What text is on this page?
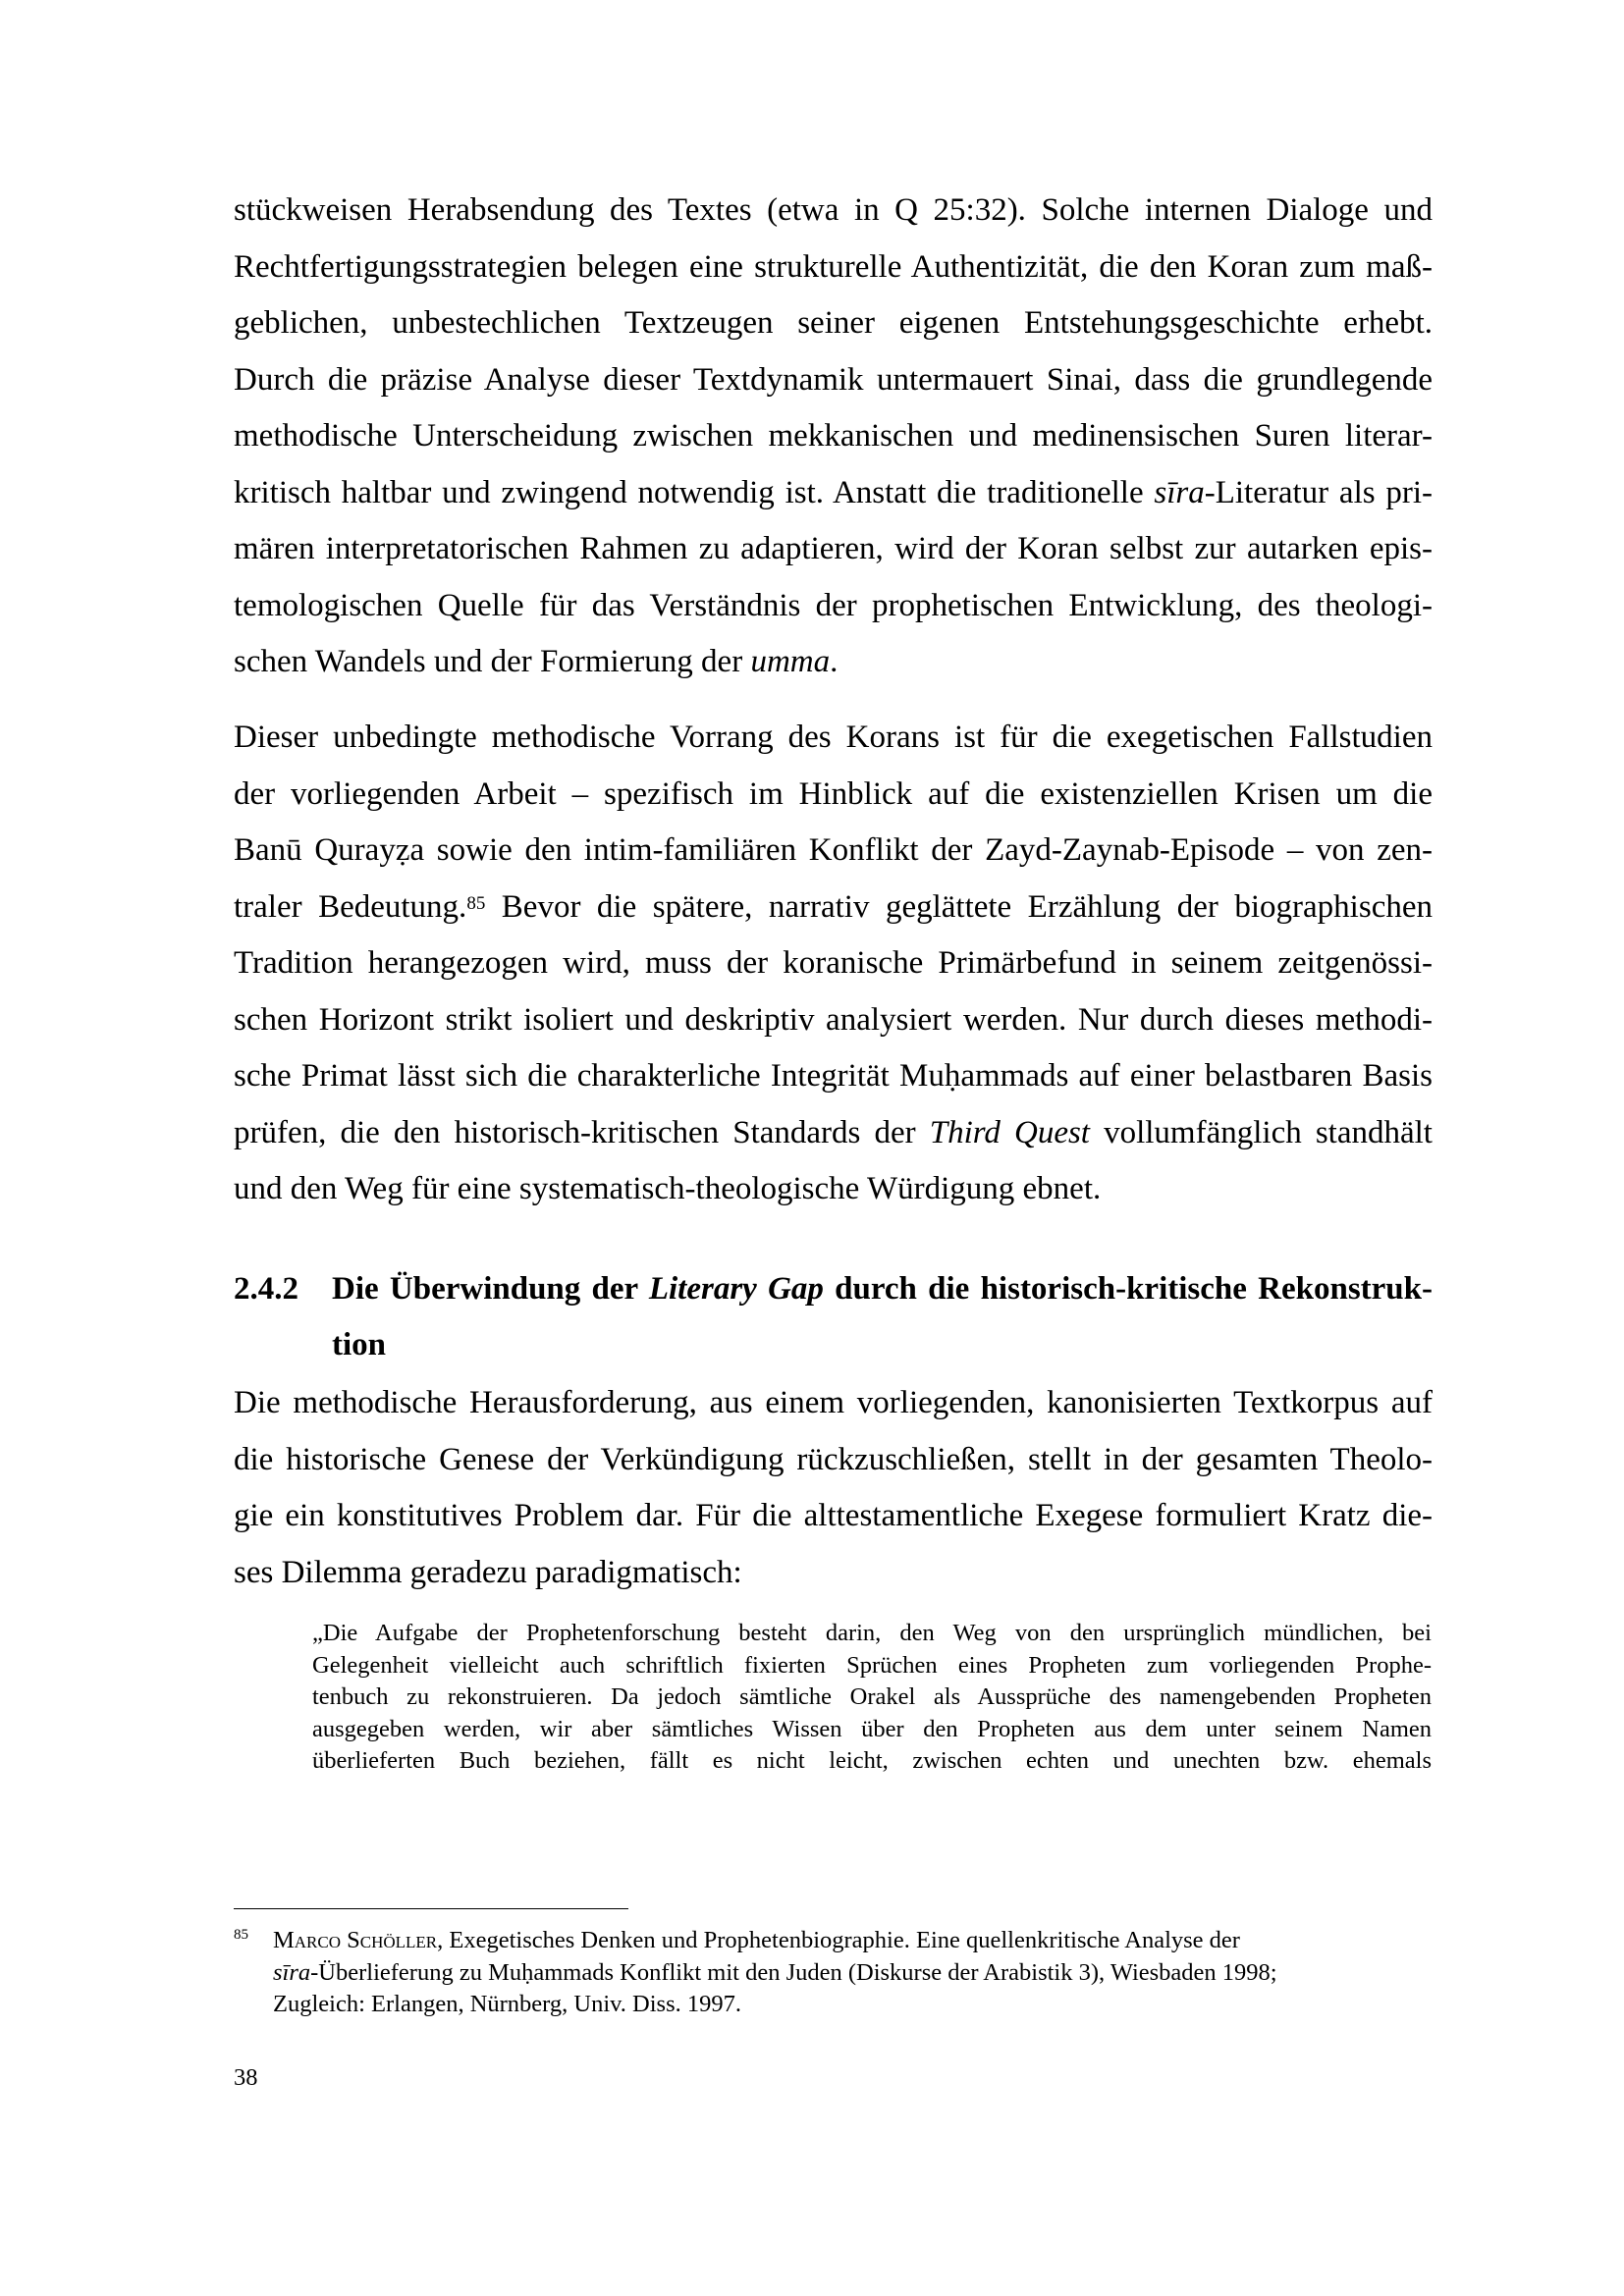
stückweisen Herabsendung des Textes (etwa in Q 25:32). Solche internen Dialoge und
Rechtfertigungsstrategien belegen eine strukturelle Authentizität, die den Koran zum maß-
geblichen, unbestechlichen Textzeugen seiner eigenen Entstehungsgeschichte erhebt.
Durch die präzise Analyse dieser Textdynamik untermauert Sinai, dass die grundlegende
methodische Unterscheidung zwischen mekkanischen und medinensischen Suren literar-
kritisch haltbar und zwingend notwendig ist. Anstatt die traditionelle sīra-Literatur als pri-
mären interpretatorischen Rahmen zu adaptieren, wird der Koran selbst zur autarken epis-
temologischen Quelle für das Verständnis der prophetischen Entwicklung, des theologi-
schen Wandels und der Formierung der umma.
Dieser unbedingte methodische Vorrang des Korans ist für die exegetischen Fallstudien
der vorliegenden Arbeit – spezifisch im Hinblick auf die existenziellen Krisen um die
Banū Qurayẓa sowie den intim-familiären Konflikt der Zayd-Zaynab-Episode – von zen-
traler Bedeutung.$^{85}$ Bevor die spätere, narrativ geglättete Erzählung der biographischen
Tradition herangezogen wird, muss der koranische Primärbefund in seinem zeitgenössi-
schen Horizont strikt isoliert und deskriptiv analysiert werden. Nur durch dieses methodi-
sche Primat lässt sich die charakterliche Integrität Muḥammads auf einer belastbaren Basis
prüfen, die den historisch-kritischen Standards der Third Quest vollumfänglich standhält
und den Weg für eine systematisch-theologische Würdigung ebnet.
2.4.2 Die Überwindung der Literary Gap durch die historisch-kritische Rekonstruk-
tion
Die methodische Herausforderung, aus einem vorliegenden, kanonisierten Textkorpus auf
die historische Genese der Verkündigung rückzuschließen, stellt in der gesamten Theolo-
gie ein konstitutives Problem dar. Für die alttestamentliche Exegese formuliert Kratz die-
ses Dilemma geradezu paradigmatisch:
„Die Aufgabe der Prophetenforschung besteht darin, den Weg von den ursprünglich mündlichen, bei
Gelegenheit vielleicht auch schriftlich fixierten Sprüchen eines Propheten zum vorliegenden Prophe-
tenbuch zu rekonstruieren. Da jedoch sämtliche Orakel als Aussprüche des namengebenden Propheten
ausgegeben werden, wir aber sämtliches Wissen über den Propheten aus dem unter seinem Namen
überlieferten Buch beziehen, fällt es nicht leicht, zwischen echten und unechten bzw. ehemals
85 Marco Schöller, Exegetisches Denken und Prophetenbiographie. Eine quellenkritische Analyse der
sīra-Überlieferung zu Muḥammads Konflikt mit den Juden (Diskurse der Arabistik 3), Wiesbaden 1998;
Zugleich: Erlangen, Nürnberg, Univ. Diss. 1997.
38
